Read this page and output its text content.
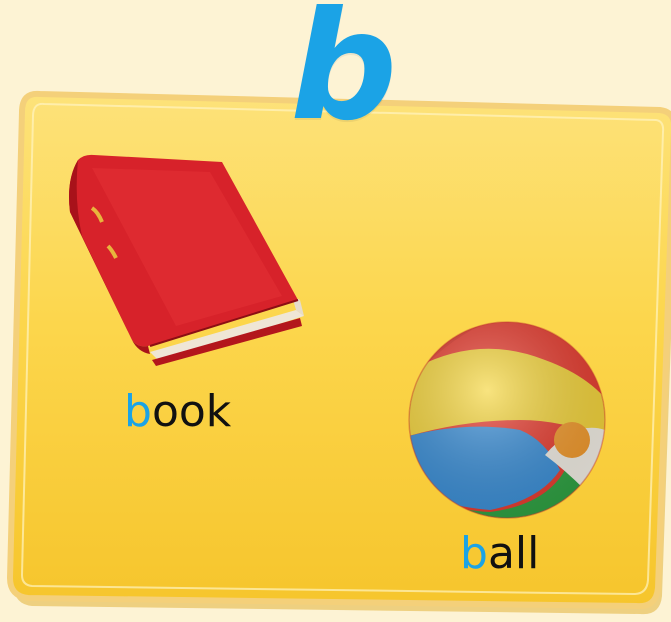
b
book
ball
